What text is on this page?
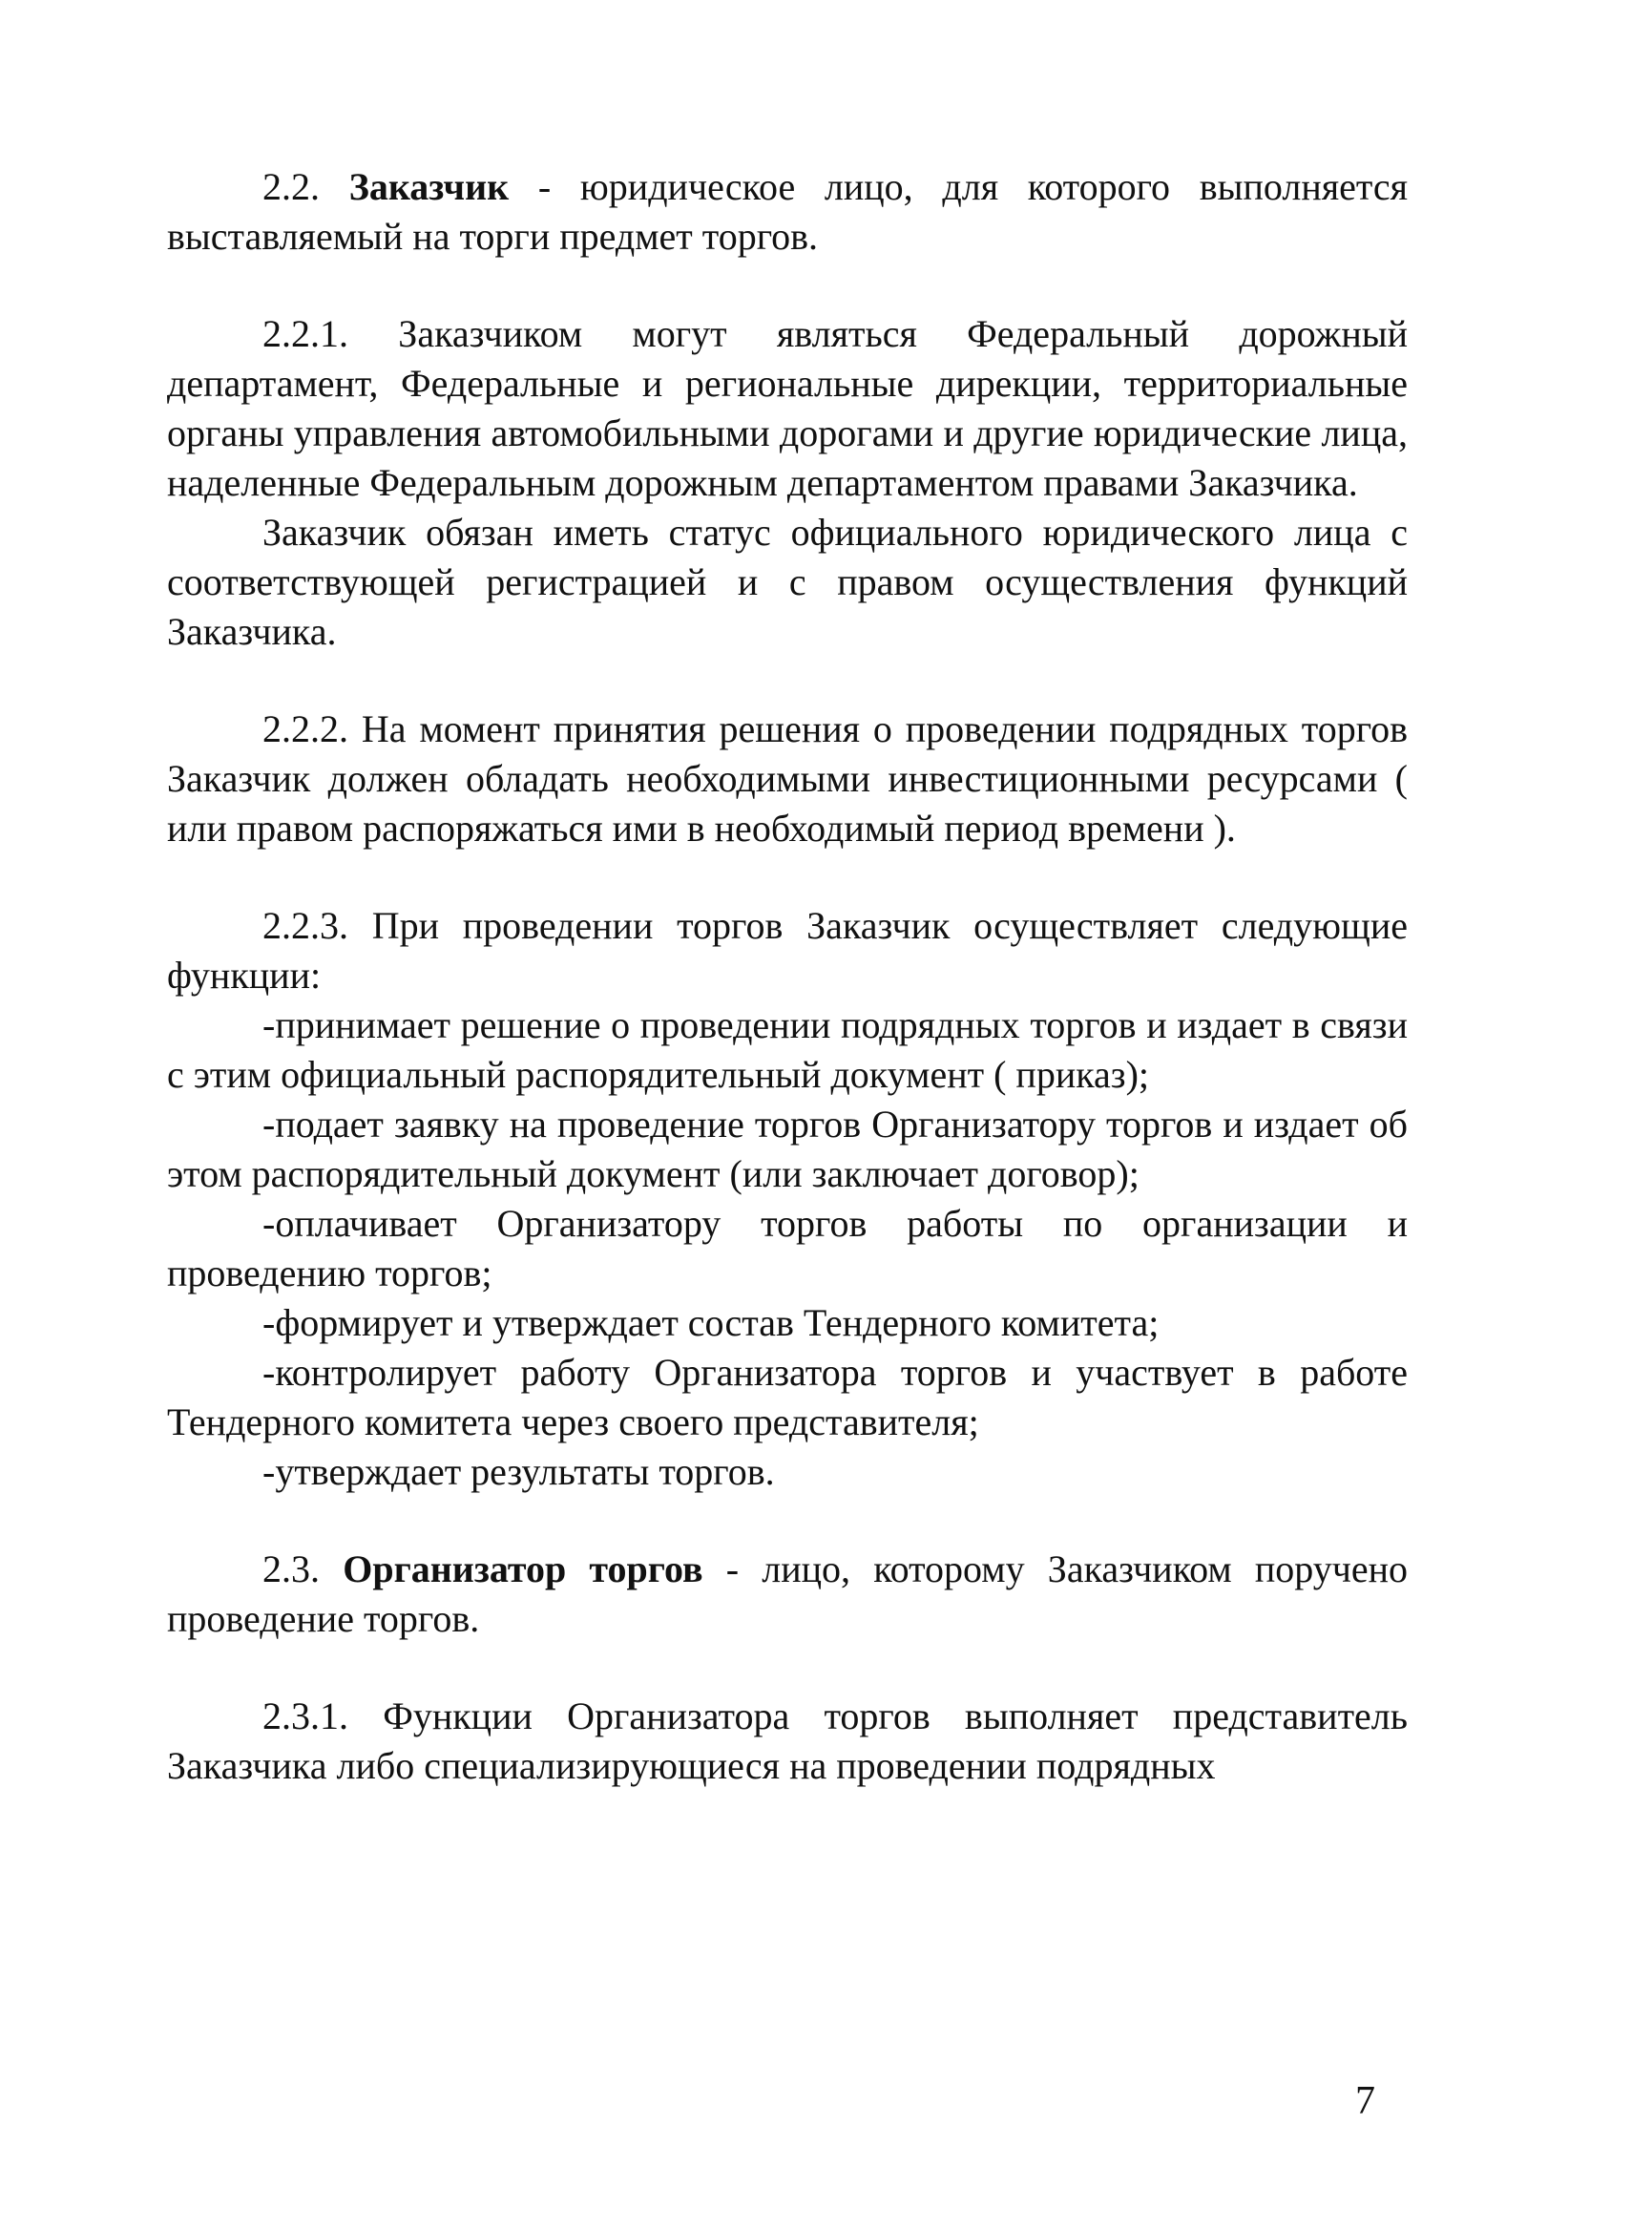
2.2. Заказчик - юридическое лицо, для которого выполняется выставляемый на торги предмет торгов.

2.2.1. Заказчиком могут являться Федеральный дорожный департамент, Федеральные и региональные дирекции, территориальные органы управления автомобильными дорогами и другие юридические лица, наделенные Федеральным дорожным департаментом правами Заказчика.

Заказчик обязан иметь статус официального юридического лица с соответствующей регистрацией и с правом осуществления функций Заказчика.

2.2.2. На момент принятия решения о проведении подрядных торгов Заказчик должен обладать необходимыми инвестиционными ресурсами ( или правом распоряжаться ими в необходимый период времени ).

2.2.3. При проведении торгов Заказчик осуществляет следующие функции:

-принимает решение о проведении подрядных торгов и издает в связи с этим официальный распорядительный документ ( приказ);

-подает заявку на проведение торгов Организатору торгов и издает об этом распорядительный документ (или заключает договор);

-оплачивает Организатору торгов работы по организации и проведению торгов;

-формирует и утверждает состав Тендерного комитета;

-контролирует работу Организатора торгов и участвует в работе Тендерного комитета через своего представителя;

-утверждает результаты торгов.

2.3. Организатор торгов - лицо, которому Заказчиком поручено проведение торгов.

2.3.1. Функции Организатора торгов выполняет представитель Заказчика либо специализирующиеся на проведении подрядных

7
